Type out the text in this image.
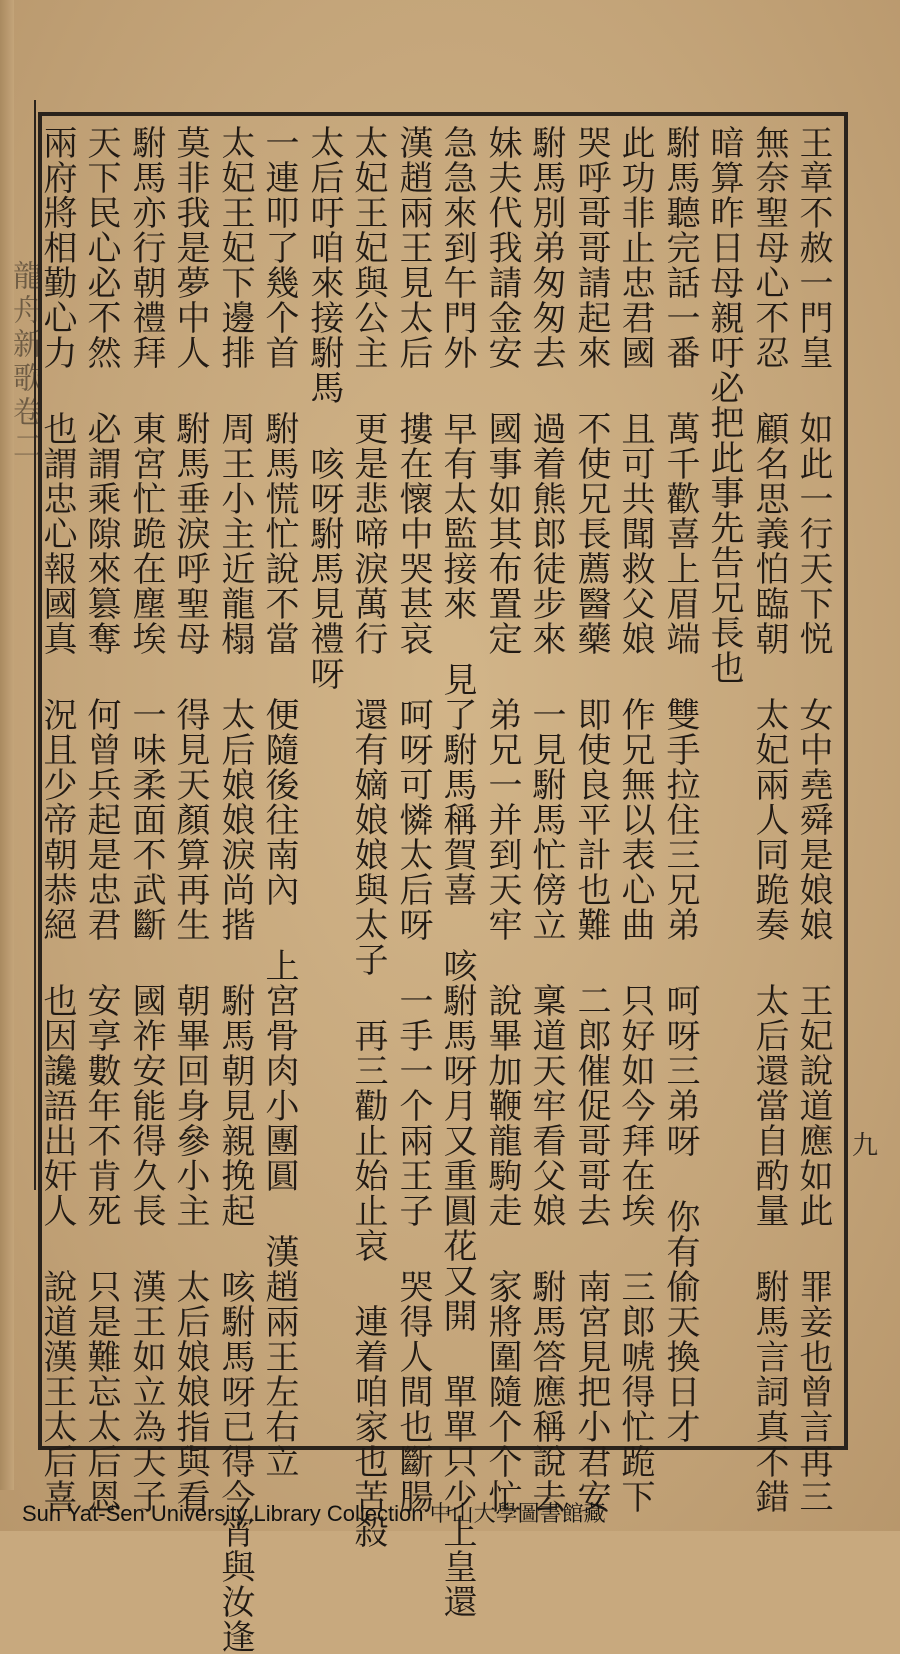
龍舟新歌卷二	王章不赦一門皇 如此一行天下悦 女中堯舜是娘娘 王妃說道應如此 罪妾也曾言再三
無奈聖母心不忍 顧名思義怕臨朝 太妃兩人同跪奏 太后還當自酌量 駙馬言詞真不錯
暗算昨日母親吁必把此事先告兄長也
駙馬聽完話一番 萬千歡喜上眉端 雙手拉住三兄弟 呵呀三弟呀 你有偷天換日才
此功非止忠君國 且可共聞救父娘 作兄無以表心曲 只好如今拜在埃 三郎唬得忙跪下
哭呼哥哥請起來 不使兄長薦醫藥 即使良平計也難 二郎催促哥哥去 南宮見把小君安
駙馬別弟匆匆去 過着熊郎徒步來 一見駙馬忙傍立 稟道天牢看父娘 駙馬答應稱說去
妹夫代我請金安 國事如其布置定 弟兄一并到天牢 說畢加鞭龍駒走 家將圍隨个个忙
急急來到午門外 早有太監接來 見了駙馬稱賀喜 咳駙馬呀月又重圓花又開 單單只少上皇還
漢趙兩王見太后 摟在懷中哭甚哀 呵呀可憐太后呀 一手一个兩王子 哭得人間也斷腸
太妃王妃與公主 更是悲啼淚萬行 還有嫡娘娘與太子 再三勸止始止哀 連着咱家也苦殺
太后吁咱來接駙馬 咳呀駙馬見禮呀
一連叩了幾个首 駙馬慌忙說不當 便隨後往南內 上宮骨肉小團圓 漢趙兩王左右立
太妃王妃下邊排 周王小主近龍榻 太后娘娘淚尚揩 駙馬朝見親挽起 咳駙馬呀已得今宵與汝逢
莫非我是夢中人 駙馬垂淚呼聖母 得見天顏算再生 朝畢回身參小主 太后娘娘指與看
駙馬亦行朝禮拜 東宮忙跪在塵埃 一味柔面不武斷 國祚安能得久長 漢王如立為天子
天下民心必不然 必謂乘隙來篡奪 何曾兵起是忠君 安享數年不肯死 只是難忘太后恩
兩府將相勤心力 也謂忠心報國真 況且少帝朝恭絕 也因讒語出奸人 說道漢王太后喜	九
Sun Yat-Sen University Library Collection 中山大學圖書館藏
